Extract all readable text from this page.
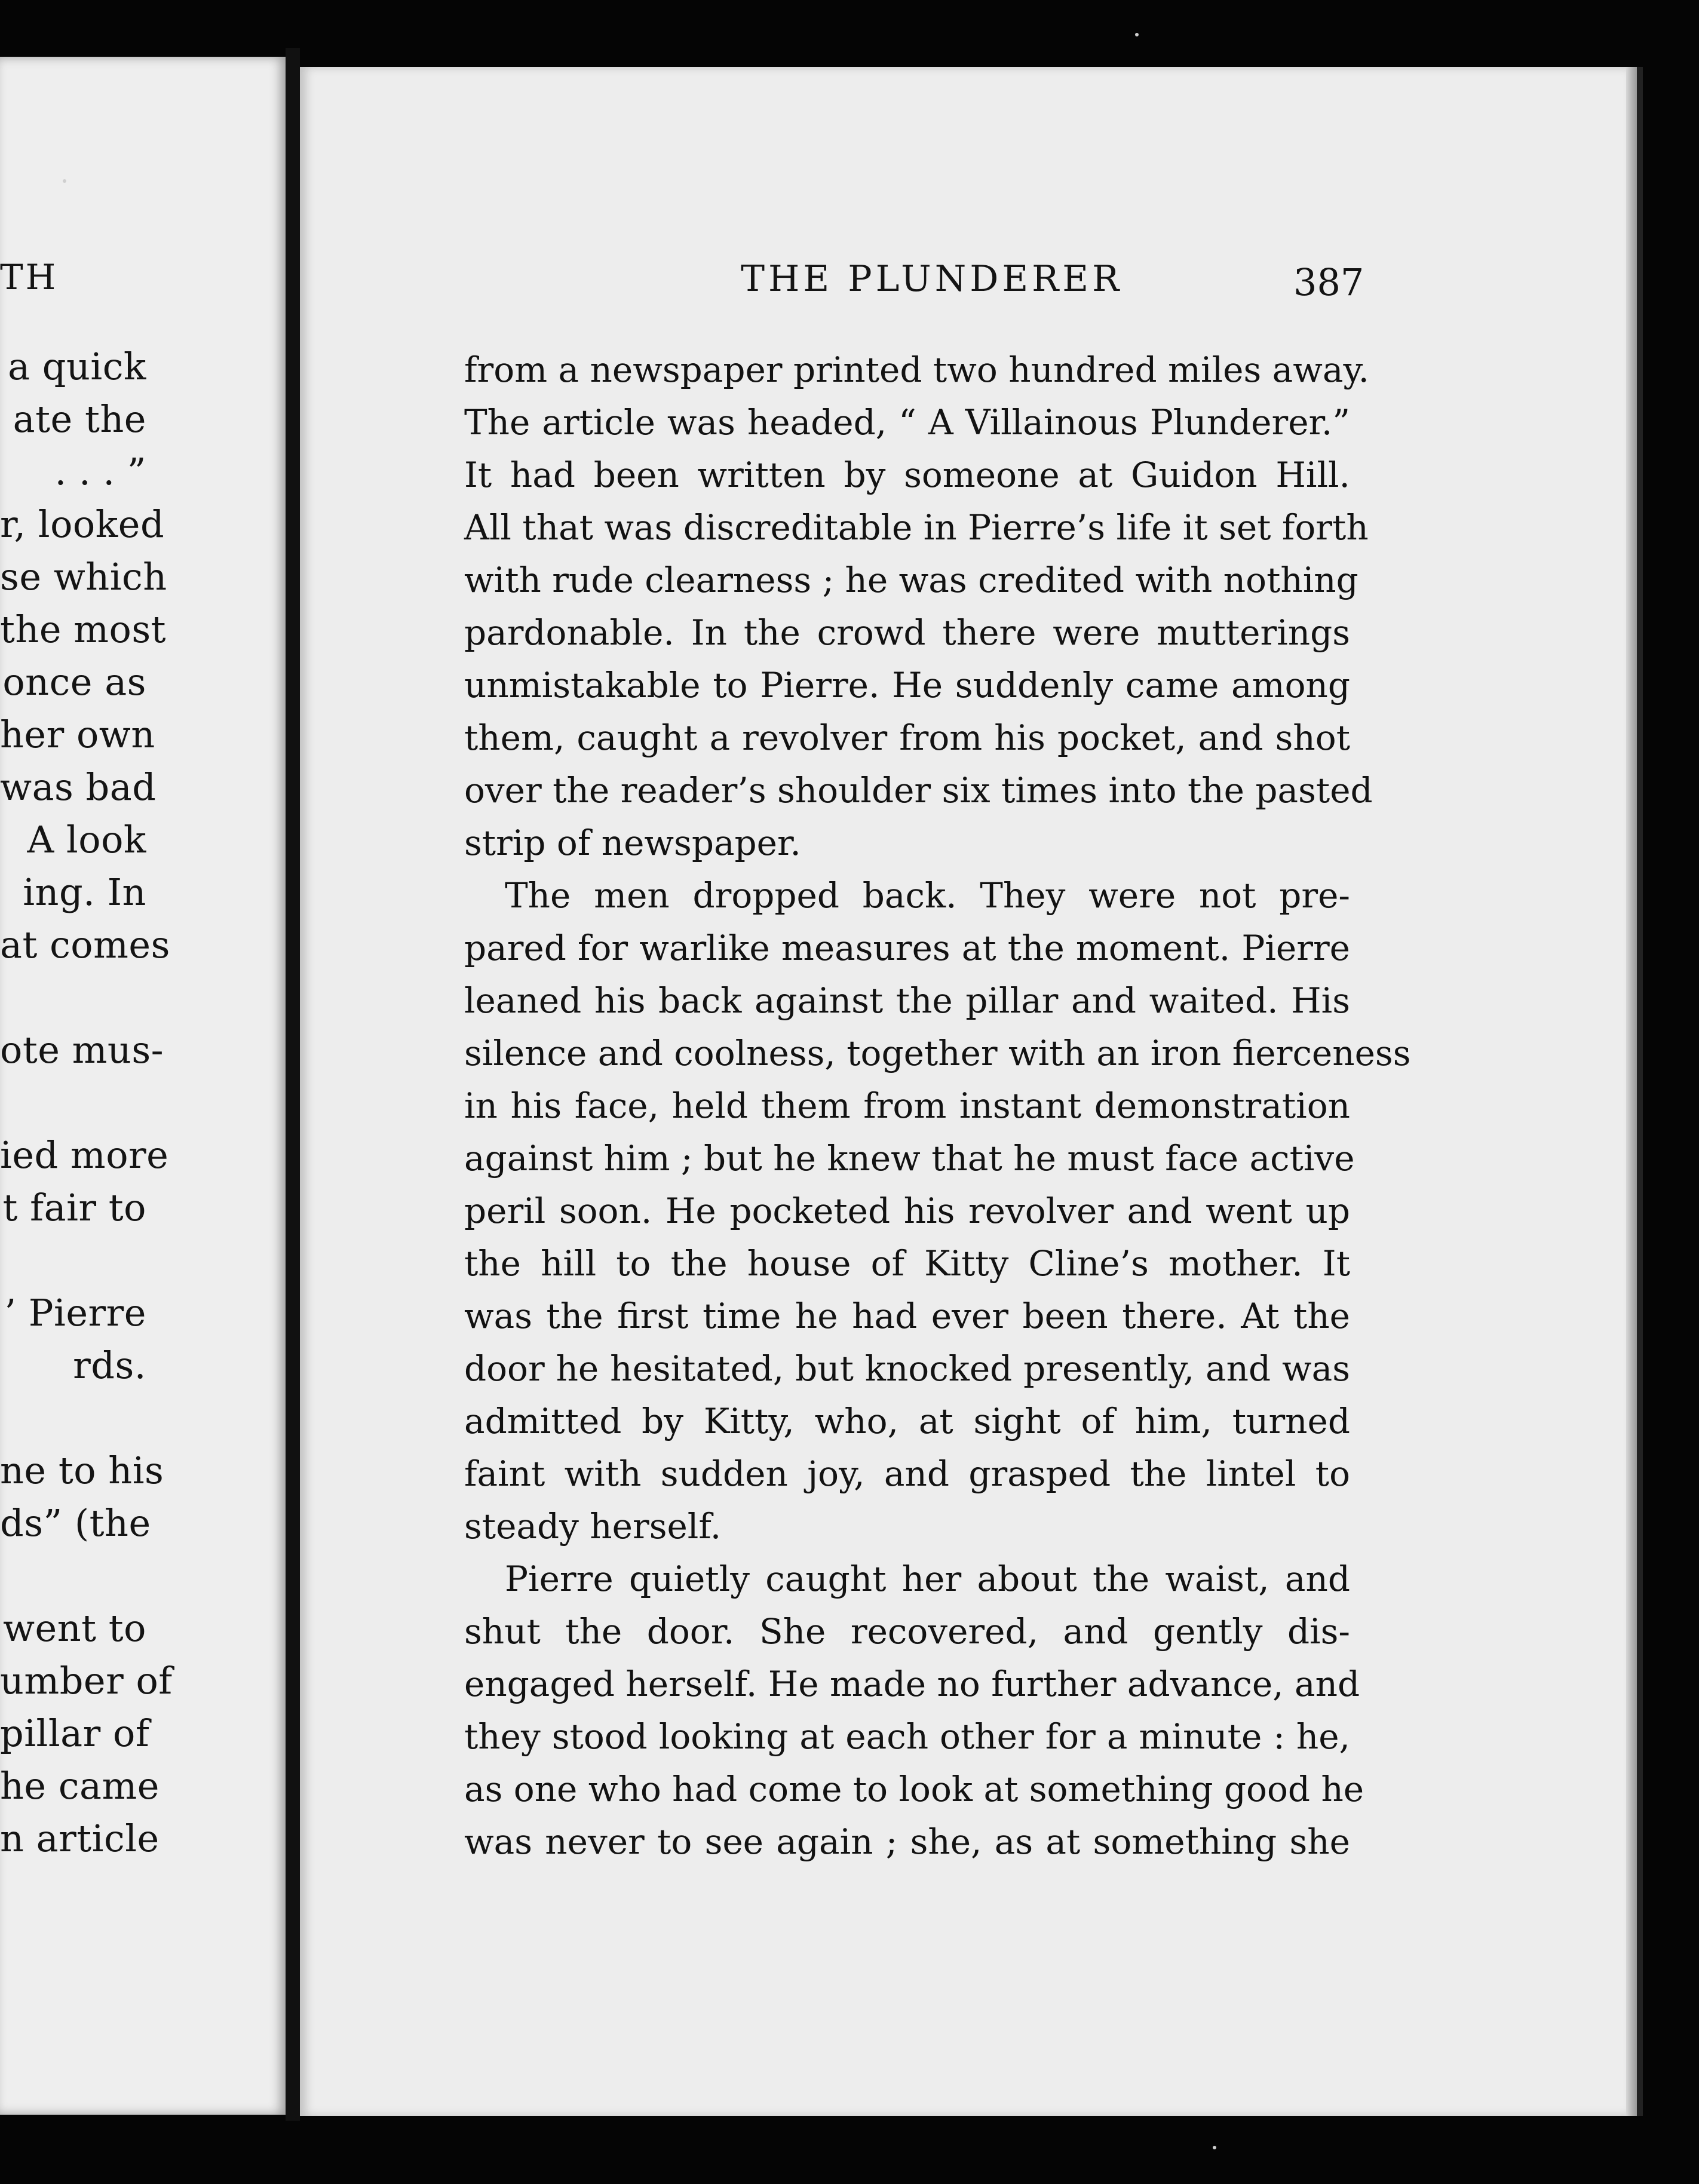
TH
a quick
ate the
. . . ”
r, looked
se which
the most
once as
her own
was bad
A look
ing. In
at comes
ote mus-
ied more
t fair to
’ Pierre
rds.
ne to his
ds” (the
went to
umber of
pillar of
he came
n article
THE PLUNDERER	387
from a newspaper printed two hundred miles away.
The article was headed, “ A Villainous Plunderer.”
It had been written by someone at Guidon Hill.
All that was discreditable in Pierre’s life it set forth
with rude clearness ; he was credited with nothing
pardonable. In the crowd there were mutterings
unmistakable to Pierre. He suddenly came among
them, caught a revolver from his pocket, and shot
over the reader’s shoulder six times into the pasted
strip of newspaper.
The men dropped back. They were not pre-
pared for warlike measures at the moment. Pierre
leaned his back against the pillar and waited. His
silence and coolness, together with an iron fierceness
in his face, held them from instant demonstration
against him ; but he knew that he must face active
peril soon. He pocketed his revolver and went up
the hill to the house of Kitty Cline’s mother. It
was the first time he had ever been there. At the
door he hesitated, but knocked presently, and was
admitted by Kitty, who, at sight of him, turned
faint with sudden joy, and grasped the lintel to
steady herself.
Pierre quietly caught her about the waist, and
shut the door. She recovered, and gently dis-
engaged herself. He made no further advance, and
they stood looking at each other for a minute : he,
as one who had come to look at something good he
was never to see again ; she, as at something she
